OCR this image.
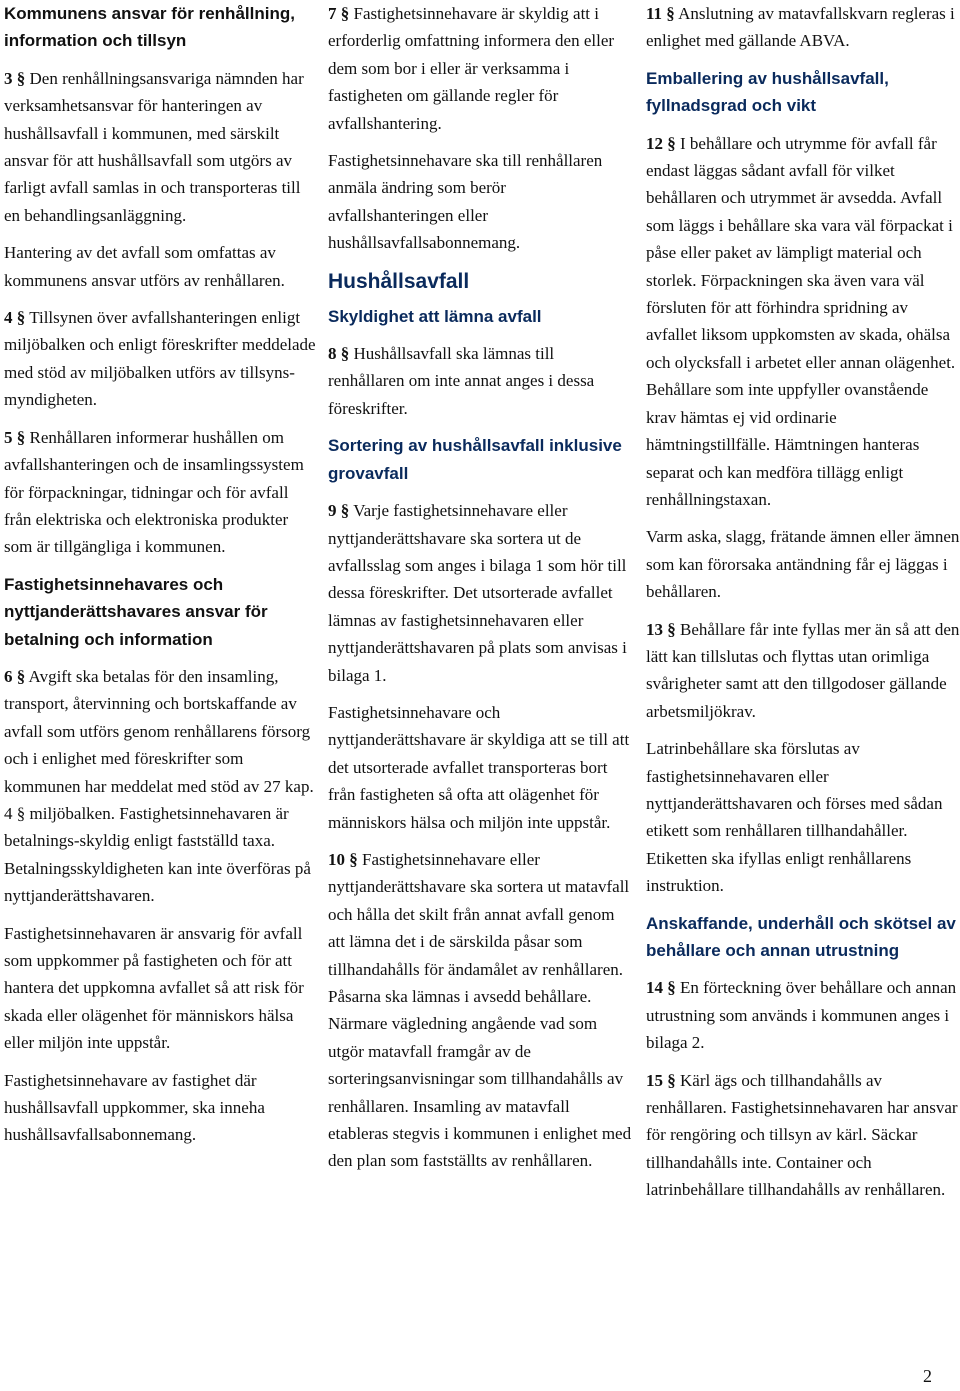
Kommunens ansvar för renhållning, information och tillsyn

3 § Den renhållningsansvariga nämnden har verksamhetsansvar för hanteringen av hushållsavfall i kommunen, med särskilt ansvar för att hushållsavfall som utgörs av farligt avfall samlas in och transporteras till en behandlingsanläggning.

Hantering av det avfall som omfattas av kommunens ansvar utförs av renhållaren.

4 § Tillsynen över avfallshanteringen enligt miljöbalken och enligt föreskrifter meddelade med stöd av miljöbalken utförs av tillsyns-myndigheten.

5 § Renhållaren informerar hushållen om avfallshanteringen och de insamlingssystem för förpackningar, tidningar och för avfall från elektriska och elektroniska produkter som är tillgängliga i kommunen.

Fastighetsinnehavares och nyttjanderättshavares ansvar för betalning och information

6 § Avgift ska betalas för den insamling, transport, återvinning och bortskaffande av avfall som utförs genom renhållarens försorg och i enlighet med föreskrifter som kommunen har meddelat med stöd av 27 kap. 4 § miljöbalken. Fastighetsinnehavaren är betalnings-skyldig enligt fastställd taxa. Betalningsskyldigheten kan inte överföras på nyttjanderättshavaren.

Fastighetsinnehavaren är ansvarig för avfall som uppkommer på fastigheten och för att hantera det uppkomna avfallet så att risk för skada eller olägenhet för människors hälsa eller miljön inte uppstår.

Fastighetsinnehavare av fastighet där hushållsavfall uppkommer, ska inneha hushållsavfallsabonnemang.

7 § Fastighetsinnehavare är skyldig att i erforderlig omfattning informera den eller dem som bor i eller är verksamma i fastigheten om gällande regler för avfallshantering.

Fastighetsinnehavare ska till renhållaren anmäla ändring som berör avfallshanteringen eller hushållsavfallsabonnemang.

Hushållsavfall
Skyldighet att lämna avfall

8 § Hushållsavfall ska lämnas till renhållaren om inte annat anges i dessa föreskrifter.

Sortering av hushållsavfall inklusive grovavfall

9 § Varje fastighetsinnehavare eller nyttjanderättshavare ska sortera ut de avfallsslag som anges i bilaga 1 som hör till dessa föreskrifter. Det utsorterade avfallet lämnas av fastighetsinnehavaren eller nyttjanderättshavaren på plats som anvisas i bilaga 1.

Fastighetsinnehavare och nyttjanderättshavare är skyldiga att se till att det utsorterade avfallet transporteras bort från fastigheten så ofta att olägenhet för människors hälsa och miljön inte uppstår.

10 § Fastighetsinnehavare eller nyttjanderättshavare ska sortera ut matavfall och hålla det skilt från annat avfall genom att lämna det i de särskilda påsar som tillhandahålls för ändamålet av renhållaren. Påsarna ska lämnas i avsedd behållare. Närmare vägledning angående vad som utgör matavfall framgår av de sorteringsanvisningar som tillhandahålls av renhållaren. Insamling av matavfall etableras stegvis i kommunen i enlighet med den plan som fastställts av renhållaren.

11 § Anslutning av matavfallskvarn regleras i enlighet med gällande ABVA.

Emballering av hushållsavfall, fyllnadsgrad och vikt

12 § I behållare och utrymme för avfall får endast läggas sådant avfall för vilket behållaren och utrymmet är avsedda. Avfall som läggs i behållare ska vara väl förpackat i påse eller paket av lämpligt material och storlek. Förpackningen ska även vara väl försluten för att förhindra spridning av avfallet liksom uppkomsten av skada, ohälsa och olycksfall i arbetet eller annan olägenhet. Behållare som inte uppfyller ovanstående krav hämtas ej vid ordinarie hämtningstillfälle. Hämtningen hanteras separat och kan medföra tillägg enligt renhållningstaxan.

Varm aska, slagg, frätande ämnen eller ämnen som kan förorsaka antändning får ej läggas i behållaren.

13 § Behållare får inte fyllas mer än så att den lätt kan tillslutas och flyttas utan orimliga svårigheter samt att den tillgodoser gällande arbetsmiljökrav.

Latrinbehållare ska förslutas av fastighetsinnehavaren eller nyttjanderättshavaren och förses med sådan etikett som renhållaren tillhandahåller. Etiketten ska ifyllas enligt renhållarens instruktion.

Anskaffande, underhåll och skötsel av behållare och annan utrustning

14 § En förteckning över behållare och annan utrustning som används i kommunen anges i bilaga 2.

15 § Kärl ägs och tillhandahålls av renhållaren. Fastighetsinnehavaren har ansvar för rengöring och tillsyn av kärl. Säckar tillhandahålls inte. Container och latrinbehållare tillhandahålls av renhållaren.

2
